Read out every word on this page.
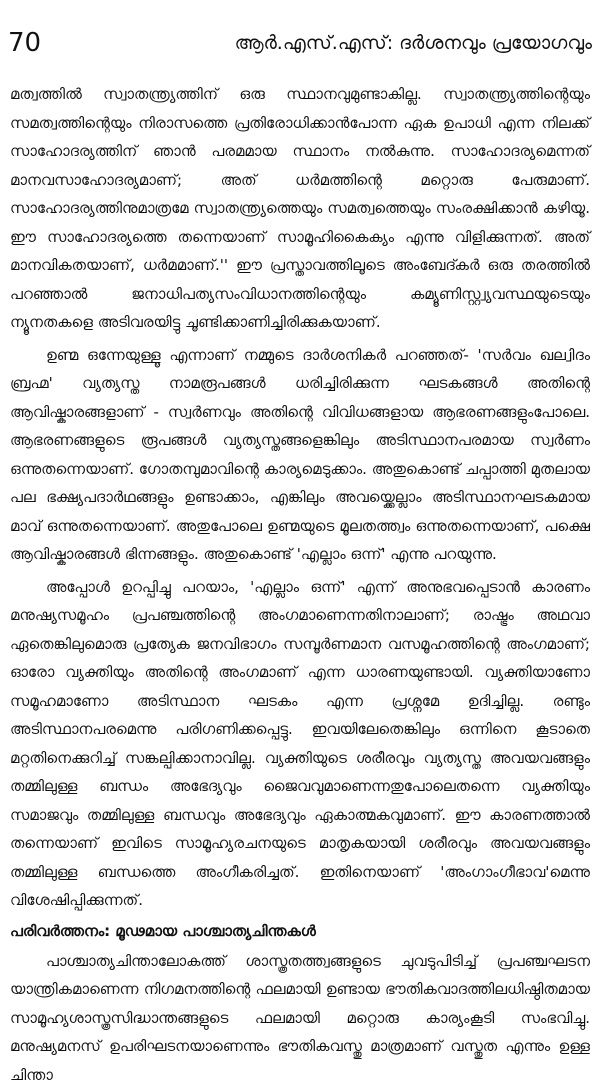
70	ആർ.എസ്.എസ്: ദർശനവും പ്രയോഗവും

മത്വത്തിൽ സ്വാതന്ത്ര്യത്തിന് ഒരു സ്ഥാനവുമുണ്ടാകില്ല. സ്വാതന്ത്ര്യത്തിന്റെയും സമത്വത്തിന്റെയും നിരാസത്തെ പ്രതിരോധിക്കാൻപോന്ന ഏക ഉപാധി എന്ന നിലക്ക് സാഹോദര്യത്തിന് ഞാൻ പരമമായ സ്ഥാനം നൽകുന്നു. സാഹോദര്യമെന്നത് മാനവസാഹോദര്യമാണ്; അത് ധർമത്തിന്റെ മറ്റൊരു പേരുമാണ്. സാഹോദര്യത്തിനുമാത്രമേ സ്വാതന്ത്ര്യത്തെയും സമത്വത്തെയും സംരക്ഷിക്കാൻ കഴിയൂ. ഈ സാഹോദര്യത്തെ തന്നെയാണ് സാമൂഹികൈക്യം എന്നു വിളിക്കുന്നത്. അത് മാനവികതയാണ്, ധർമമാണ്.'' ഈ പ്രസ്താവത്തിലൂടെ അംബേദ്കർ ഒരു തരത്തിൽ പറഞ്ഞാൽ ജനാധിപത്യസംവിധാനത്തിന്റെയും കമ്യൂണിസ്റ്റ്വ്യവസ്ഥയുടെയും ന്യൂനതകളെ അടിവരയിട്ടു ചൂണ്ടിക്കാണിച്ചിരിക്കുകയാണ്.

ഉണ്മ ഒന്നേയുള്ളൂ എന്നാണ് നമ്മുടെ ദാർശനികർ പറഞ്ഞത്- 'സർവം ഖല്വിദം ബ്രഹ്മ' വ്യത്യസ്ത നാമരൂപങ്ങൾ ധരിച്ചിരിക്കുന്ന ഘടകങ്ങൾ അതിന്റെ ആവിഷ്കാരങ്ങളാണ് - സ്വർണവും അതിന്റെ വിവിധങ്ങളായ ആഭരണങ്ങളുംപോലെ. ആഭരണങ്ങളുടെ രൂപങ്ങൾ വ്യത്യസ്തങ്ങളെങ്കിലും അടിസ്ഥാനപരമായ സ്വർണം ഒന്നുതന്നെയാണ്. ഗോതമ്പുമാവിന്റെ കാര്യമെടുക്കാം. അതുകൊണ്ട് ചപ്പാത്തി മുതലായ പല ഭക്ഷ്യപദാർഥങ്ങളും ഉണ്ടാക്കാം, എങ്കിലും അവയ്ക്കെല്ലാം അടിസ്ഥാനഘടകമായ മാവ് ഒന്നുതന്നെയാണ്. അതുപോലെ ഉണ്മയുടെ മൂലതത്ത്വം ഒന്നുതന്നെയാണ്, പക്ഷെ ആവിഷ്കാരങ്ങൾ ഭിന്നങ്ങളും. അതുകൊണ്ട് 'എല്ലാം ഒന്ന്' എന്നു പറയുന്നു.

അപ്പോൾ ഉറപ്പിച്ചു പറയാം, 'എല്ലാം ഒന്ന്' എന്ന് അനുഭവപ്പെടാൻ കാരണം മനുഷ്യസമൂഹം പ്രപഞ്ചത്തിന്റെ അംഗമാണെന്നതിനാലാണ്; രാഷ്ട്രം അഥവാ ഏതെങ്കിലുമൊരു പ്രത്യേക ജനവിഭാഗം സമ്പൂർണമാന വസമൂഹത്തിന്റെ അംഗമാണ്; ഓരോ വ്യക്തിയും അതിന്റെ അംഗമാണ് എന്ന ധാരണയുണ്ടായി. വ്യക്തിയാണോ സമൂഹമാണോ അടിസ്ഥാന ഘടകം എന്ന പ്രശ്നമേ ഉദിച്ചില്ല. രണ്ടും അടിസ്ഥാനപരമെന്നു പരിഗണിക്കപ്പെട്ടു. ഇവയിലേതെങ്കിലും ഒന്നിനെ കൂടാതെ മറ്റതിനെക്കുറിച്ച് സങ്കല്പിക്കാനാവില്ല. വ്യക്തിയുടെ ശരീരവും വ്യത്യസ്ത അവയവങ്ങളും തമ്മിലുള്ള ബന്ധം അഭേദ്യവും ജൈവവുമാണെന്നതുപോലെതന്നെ വ്യക്തിയും സമാജവും തമ്മിലുള്ള ബന്ധവും അഭേദ്യവും ഏകാത്മകവുമാണ്. ഈ കാരണത്താൽ തന്നെയാണ് ഇവിടെ സാമൂഹ്യരചനയുടെ മാതൃകയായി ശരീരവും അവയവങ്ങളും തമ്മിലുള്ള ബന്ധത്തെ അംഗീകരിച്ചത്. ഇതിനെയാണ് 'അംഗാംഗീഭാവ'മെന്നു വിശേഷിപ്പിക്കുന്നത്.

പരിവർത്തനം: മൂഢമായ പാശ്ചാത്യചിന്തകൾ

പാശ്ചാത്യചിന്താലോകത്ത് ശാസ്ത്രതത്ത്വങ്ങളുടെ ചുവടുപിടിച്ച് പ്രപഞ്ചഘടന യാന്ത്രികമാണെന്ന നിഗമനത്തിന്റെ ഫലമായി ഉണ്ടായ ഭൗതികവാദത്തിലധിഷ്ഠിതമായ സാമൂഹ്യശാസ്ത്രസിദ്ധാന്തങ്ങളുടെ ഫലമായി മറ്റൊരു കാര്യംകൂടി സംഭവിച്ചു. മനുഷ്യമനസ് ഉപരിഘടനയാണെന്നും ഭൗതികവസ്തു മാത്രമാണ് വസ്തുത എന്നും ഉള്ള ചിന്താ
